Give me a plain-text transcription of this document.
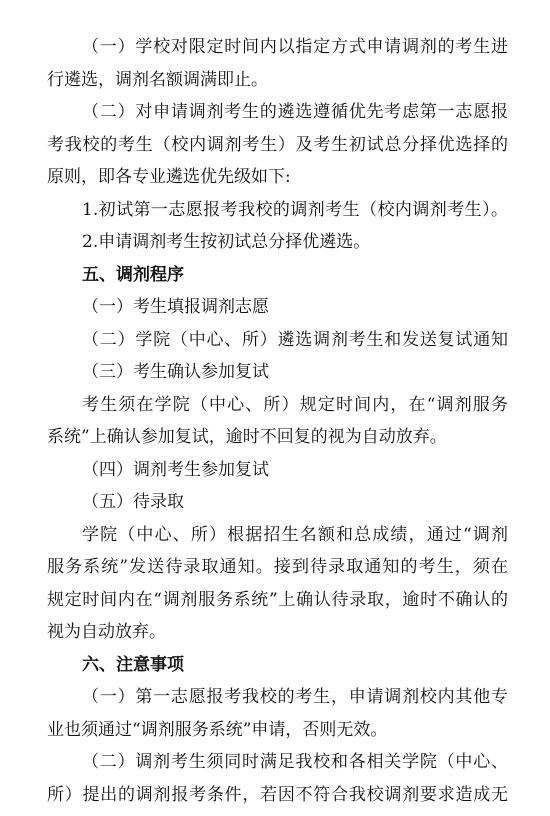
（一）学校对限定时间内以指定方式申请调剂的考生进
行遴选，调剂名额调满即止。
（二）对申请调剂考生的遴选遵循优先考虑第一志愿报
考我校的考生（校内调剂考生）及考生初试总分择优选择的
原则，即各专业遴选优先级如下:
1.初试第一志愿报考我校的调剂考生（校内调剂考生）。
2.申请调剂考生按初试总分择优遴选。
五、调剂程序
（一）考生填报调剂志愿
（二）学院（中心、所）遴选调剂考生和发送复试通知
（三）考生确认参加复试
考生须在学院（中心、所）规定时间内，在“调剂服务
系统”上确认参加复试，逾时不回复的视为自动放弃。
（四）调剂考生参加复试
（五）待录取
学院（中心、所）根据招生名额和总成绩，通过“调剂
服务系统”发送待录取通知。接到待录取通知的考生，须在
规定时间内在“调剂服务系统”上确认待录取，逾时不确认的
视为自动放弃。
六、注意事项
（一）第一志愿报考我校的考生，申请调剂校内其他专
业也须通过“调剂服务系统”申请，否则无效。
（二）调剂考生须同时满足我校和各相关学院（中心、
所）提出的调剂报考条件，若因不符合我校调剂要求造成无
